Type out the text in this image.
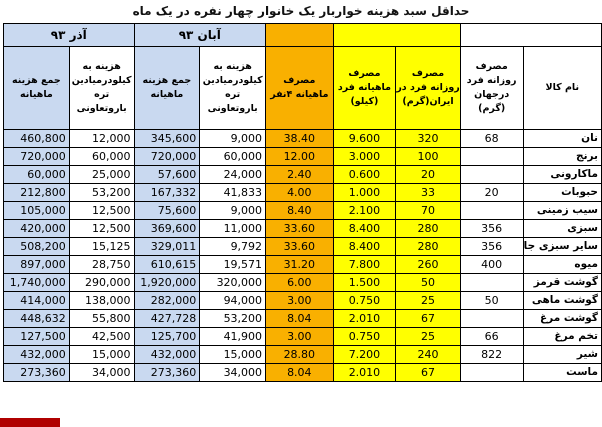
حداقل سبد هزینه خواربار یک خانوار چهار نفره در یک ماه
آذر ۹۳		آبان ۹۳						
جمع هزینه ماهیانه	هزینه به کیلودرمیادین تره باروتعاونی	جمع هزینه ماهیانه	هزینه به کیلودرمیادین تره باروتعاونی	مصرف ماهیانه ۴نفر	مصرف ماهیانه فرد (کیلو)	مصرف روزانه فرد در ایران(گرم)	مصرف روزانه فرد درجهان (گرم)	نام کالا
460,800	12,000	345,600	9,000	38.40	9.600	320	68	نان
720,000	60,000	720,000	60,000	12.00	3.000	100		برنج
60,000	25,000	57,600	24,000	2.40	0.600	20		ماکارونی
212,800	53,200	167,332	41,833	4.00	1.000	33	20	حبوبات
105,000	12,500	75,600	9,000	8.40	2.100	70		سیب زمینی
420,000	12,500	369,600	11,000	33.60	8.400	280	356	سبزی
508,200	15,125	329,011	9,792	33.60	8.400	280	356	سایر سبزی جا
897,000	28,750	610,615	19,571	31.20	7.800	260	400	میوه
1,740,000	290,000	1,920,000	320,000	6.00	1.500	50		گوشت قرمز
414,000	138,000	282,000	94,000	3.00	0.750	25	50	گوشت ماهی
448,632	55,800	427,728	53,200	8.04	2.010	67		گوشت مرغ
127,500	42,500	125,700	41,900	3.00	0.750	25	66	تخم مرغ
432,000	15,000	432,000	15,000	28.80	7.200	240	822	شیر
273,360	34,000	273,360	34,000	8.04	2.010	67		ماست
